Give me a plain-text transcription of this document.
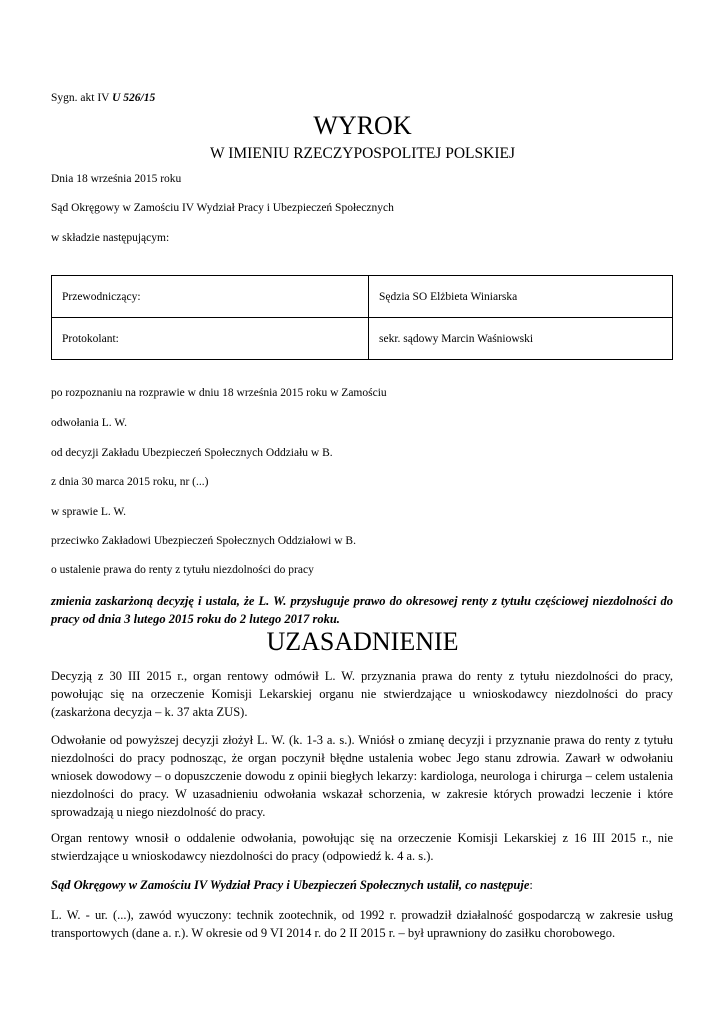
Sygn. akt IV U 526/15
WYROK
W IMIENIU RZECZYPOSPOLITEJ POLSKIEJ
Dnia 18 września 2015 roku
Sąd Okręgowy w Zamościu IV Wydział Pracy i Ubezpieczeń Społecznych
w składzie następującym:
Przewodniczący:	Sędzia SO Elżbieta Winiarska
Protokolant:	sekr. sądowy Marcin Waśniowski
po rozpoznaniu na rozprawie w dniu 18 września 2015 roku w Zamościu
odwołania L. W.
od decyzji Zakładu Ubezpieczeń Społecznych Oddziału w B.
z dnia 30 marca 2015 roku, nr (...)
w sprawie L. W.
przeciwko Zakładowi Ubezpieczeń Społecznych Oddziałowi w B.
o ustalenie prawa do renty z tytułu niezdolności do pracy
zmienia zaskarżoną decyzję i ustala, że L. W. przysługuje prawo do okresowej renty z tytułu częściowej niezdolności do pracy od dnia 3 lutego 2015 roku do 2 lutego 2017 roku.
UZASADNIENIE
Decyzją z 30 III 2015 r., organ rentowy odmówił L. W. przyznania prawa do renty z tytułu niezdolności do pracy, powołując się na orzeczenie Komisji Lekarskiej organu nie stwierdzające u wnioskodawcy niezdolności do pracy (zaskarżona decyzja – k. 37 akta ZUS).
Odwołanie od powyższej decyzji złożył L. W. (k. 1-3 a. s.). Wniósł o zmianę decyzji i przyznanie prawa do renty z tytułu niezdolności do pracy podnosząc, że organ poczynił błędne ustalenia wobec Jego stanu zdrowia. Zawarł w odwołaniu wniosek dowodowy – o dopuszczenie dowodu z opinii biegłych lekarzy: kardiologa, neurologa i chirurga – celem ustalenia niezdolności do pracy. W uzasadnieniu odwołania wskazał schorzenia, w zakresie których prowadzi leczenie i które sprowadzają u niego niezdolność do pracy.
Organ rentowy wnosił o oddalenie odwołania, powołując się na orzeczenie Komisji Lekarskiej z 16 III 2015 r., nie stwierdzające u wnioskodawcy niezdolności do pracy (odpowiedź k. 4 a. s.).
Sąd Okręgowy w Zamościu IV Wydział Pracy i Ubezpieczeń Społecznych ustalił, co następuje:
L. W. - ur. (...), zawód wyuczony: technik zootechnik, od 1992 r. prowadził działalność gospodarczą w zakresie usług transportowych (dane a. r.). W okresie od 9 VI 2014 r. do 2 II 2015 r. – był uprawniony do zasiłku chorobowego.
